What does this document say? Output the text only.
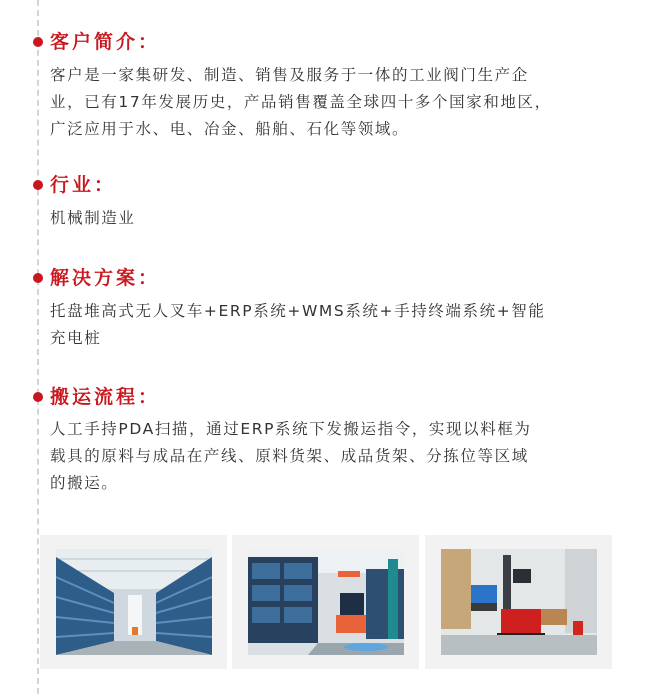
客户简介：
客户是一家集研发、制造、销售及服务于一体的工业阀门生产企
业，已有17年发展历史，产品销售覆盖全球四十多个国家和地区，
广泛应用于水、电、冶金、船舶、石化等领域。
行业：
机械制造业
解决方案：
托盘堆高式无人叉车+ERP系统+WMS系统+手持终端系统+智能
充电桩
搬运流程：
人工手持PDA扫描，通过ERP系统下发搬运指令，实现以料框为
载具的原料与成品在产线、原料货架、成品货架、分拣位等区域
的搬运。
